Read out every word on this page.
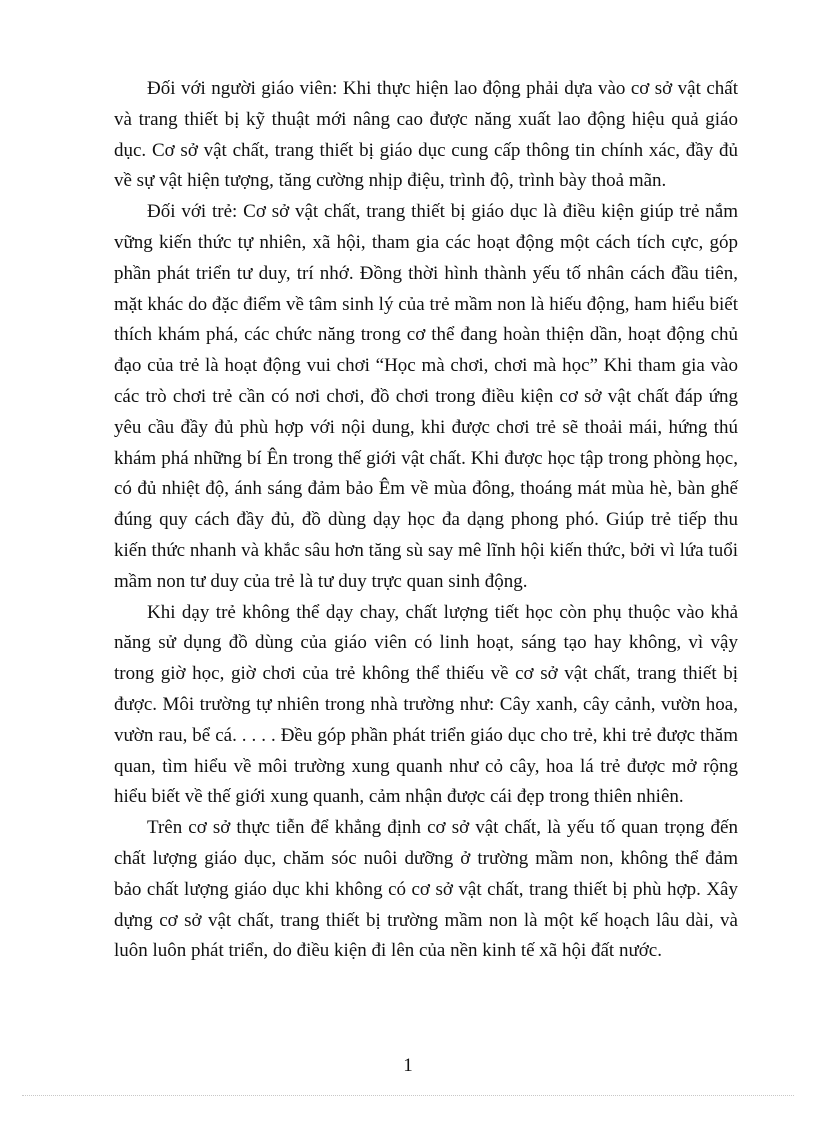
Đối với người giáo viên: Khi thực hiện lao động phải dựa vào cơ sở vật chất và trang thiết bị kỹ thuật mới nâng cao được năng xuất lao động hiệu quả giáo dục. Cơ sở vật chất, trang thiết bị giáo dục cung cấp thông tin chính xác, đầy đủ về sự vật hiện tượng, tăng cường nhịp điệu, trình độ, trình bày thoả mãn.

Đối với trẻ: Cơ sở vật chất, trang thiết bị giáo dục là điều kiện giúp trẻ nắm vững kiến thức tự nhiên, xã hội, tham gia các hoạt động một cách tích cực, góp phần phát triển tư duy, trí nhớ. Đồng thời hình thành yếu tố nhân cách đầu tiên, mặt khác do đặc điểm về tâm sinh lý của trẻ mầm non là hiếu động, ham hiểu biết thích khám phá, các chức năng trong cơ thể đang hoàn thiện dần, hoạt động chủ đạo của trẻ là hoạt động vui chơi “Học mà chơi, chơi mà học” Khi tham gia vào các trò chơi trẻ cần có nơi chơi, đồ chơi trong điều kiện cơ sở vật chất đáp ứng yêu cầu đầy đủ phù hợp với nội dung, khi được chơi trẻ sẽ thoải mái, hứng thú khám phá những bí Ên trong thế giới vật chất. Khi được học tập trong phòng học, có đủ nhiệt độ, ánh sáng đảm bảo Êm về mùa đông, thoáng mát mùa hè, bàn ghế đúng quy cách đầy đủ, đồ dùng dạy học đa dạng phong phó. Giúp trẻ tiếp thu kiến thức nhanh và khắc sâu hơn tăng sù say mê lĩnh hội kiến thức, bởi vì lứa tuổi mầm non tư duy của trẻ là tư duy trực quan sinh động.

Khi dạy trẻ không thể dạy chay, chất lượng tiết học còn phụ thuộc vào khả năng sử dụng đồ dùng của giáo viên có linh hoạt, sáng tạo hay không, vì vậy trong giờ học, giờ chơi của trẻ không thể thiếu về cơ sở vật chất, trang thiết bị được. Môi trường tự nhiên trong nhà trường như: Cây xanh, cây cảnh, vườn hoa, vườn rau, bể cá. . . . . Đều góp phần phát triển giáo dục cho trẻ, khi trẻ được thăm quan, tìm hiểu về môi trường xung quanh như cỏ cây, hoa lá trẻ được mở rộng hiểu biết về thế giới xung quanh, cảm nhận được cái đẹp trong thiên nhiên.

Trên cơ sở thực tiễn để khẳng định cơ sở vật chất, là yếu tố quan trọng đến chất lượng giáo dục, chăm sóc nuôi dưỡng ở trường mầm non, không thể đảm bảo chất lượng giáo dục khi không có cơ sở vật chất, trang thiết bị phù hợp. Xây dựng cơ sở vật chất, trang thiết bị trường mầm non là một kế hoạch lâu dài, và luôn luôn phát triển, do điều kiện đi lên của nền kinh tế xã hội đất nước.

1
